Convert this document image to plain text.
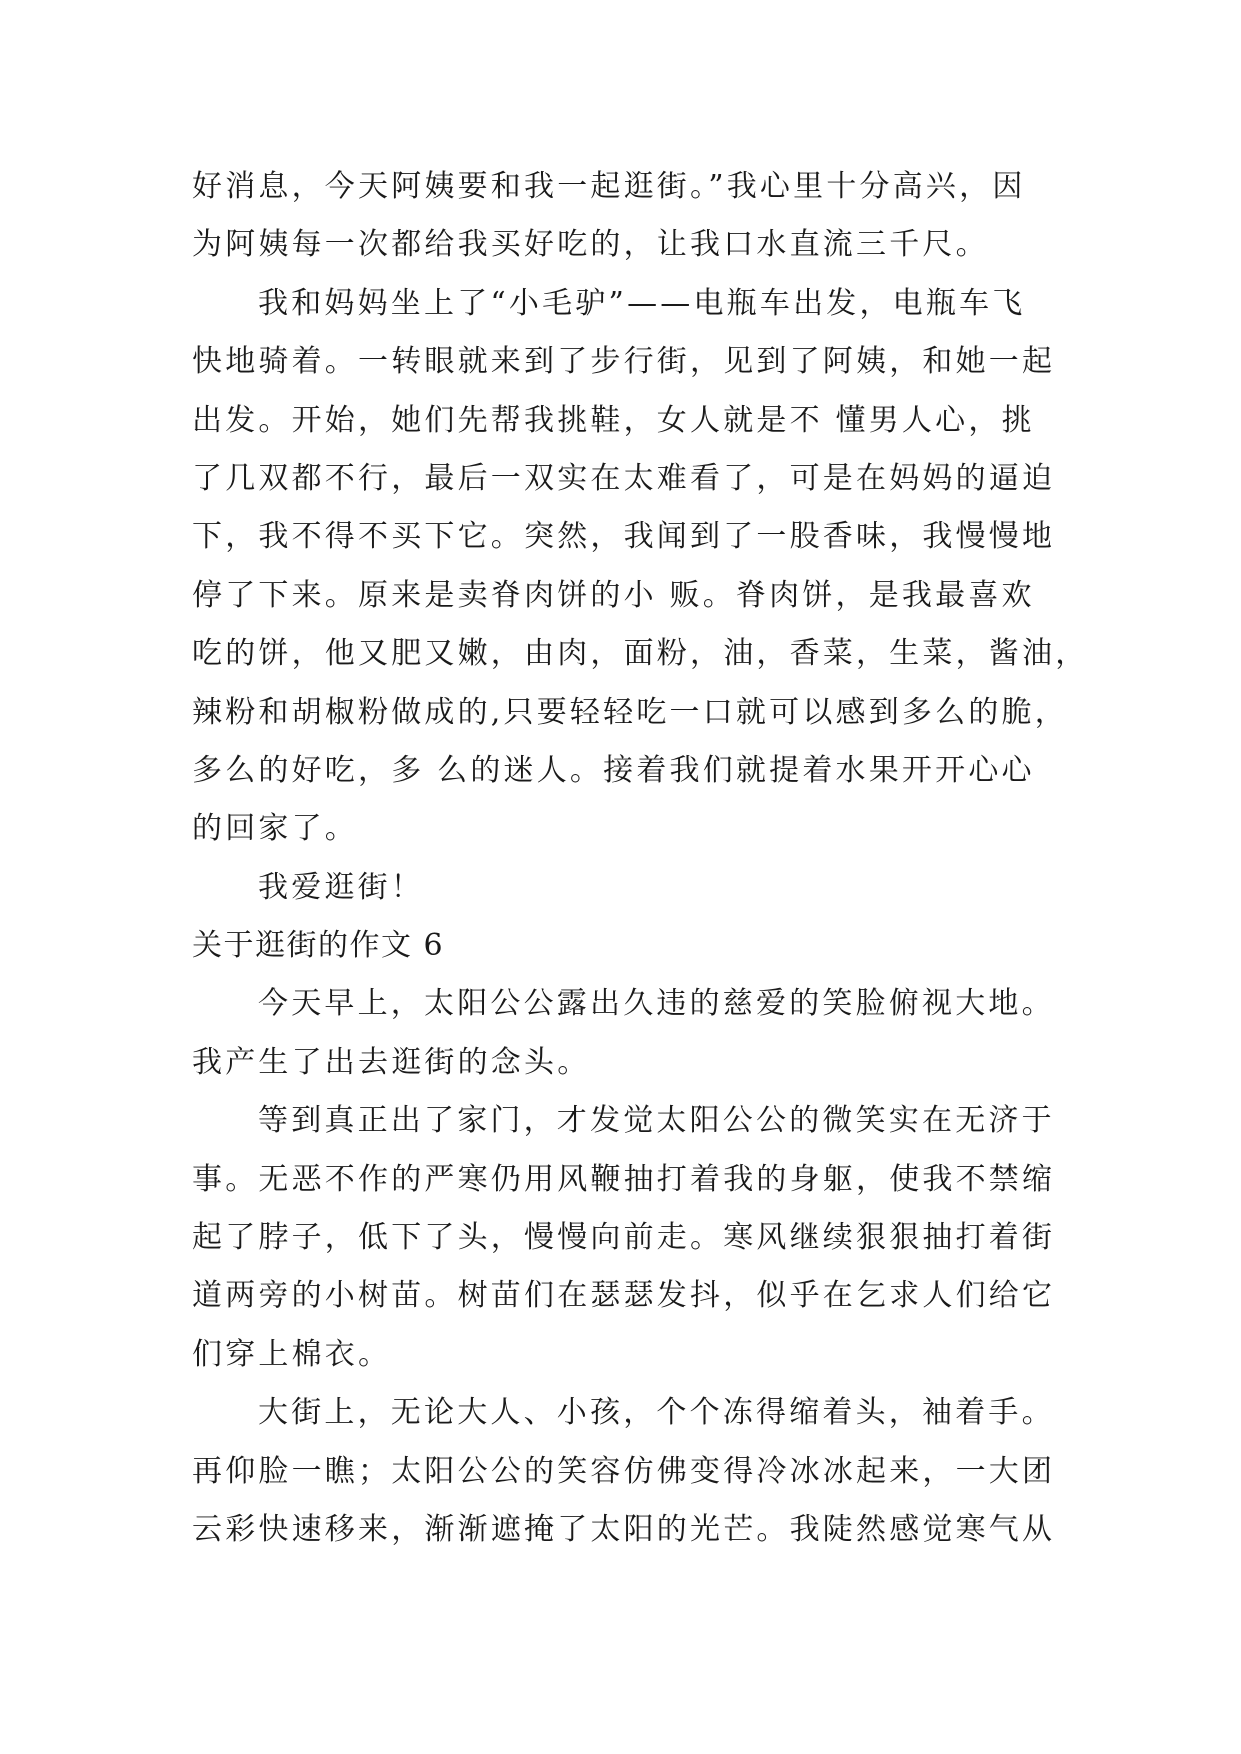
好消息，今天阿姨要和我一起逛街。”我心里十分高兴，因
为阿姨每一次都给我买好吃的，让我口水直流三千尺。
我和妈妈坐上了“小毛驴”——电瓶车出发，电瓶车飞
快地骑着。一转眼就来到了步行街，见到了阿姨，和她一起
出发。开始，她们先帮我挑鞋，女人就是不 懂男人心，挑
了几双都不行，最后一双实在太难看了，可是在妈妈的逼迫
下，我不得不买下它。突然，我闻到了一股香味，我慢慢地
停了下来。原来是卖脊肉饼的小 贩。脊肉饼，是我最喜欢
吃的饼，他又肥又嫩，由肉，面粉，油，香菜，生菜，酱油，
辣粉和胡椒粉做成的,只要轻轻吃一口就可以感到多么的脆，
多么的好吃，多 么的迷人。接着我们就提着水果开开心心
的回家了。
我爱逛街！
关于逛街的作文 6
今天早上，太阳公公露出久违的慈爱的笑脸俯视大地。
我产生了出去逛街的念头。
等到真正出了家门，才发觉太阳公公的微笑实在无济于
事。无恶不作的严寒仍用风鞭抽打着我的身躯，使我不禁缩
起了脖子，低下了头，慢慢向前走。寒风继续狠狠抽打着街
道两旁的小树苗。树苗们在瑟瑟发抖，似乎在乞求人们给它
们穿上棉衣。
大街上，无论大人、小孩，个个冻得缩着头，袖着手。
再仰脸一瞧；太阳公公的笑容仿佛变得冷冰冰起来，一大团
云彩快速移来，渐渐遮掩了太阳的光芒。我陡然感觉寒气从
